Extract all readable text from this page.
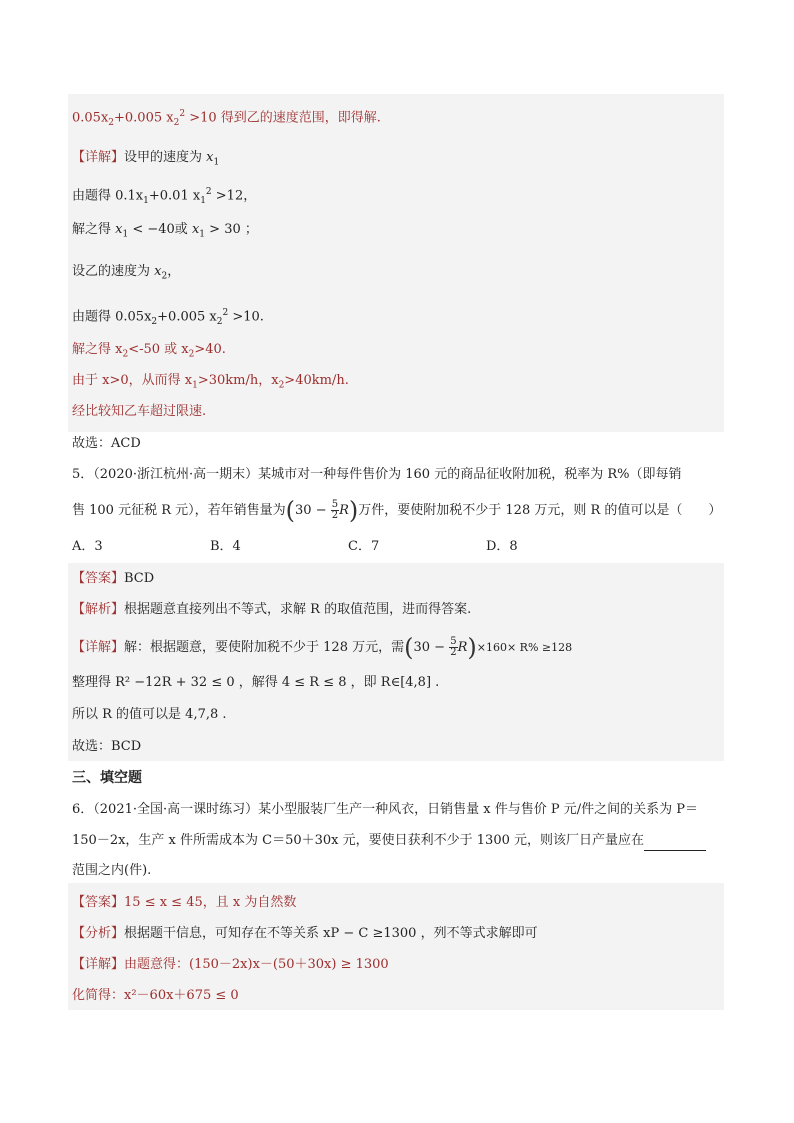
$0.05x_2+0.005$ $x_2^2 >10$ 得到乙的速度范围，即得解.
【详解】设甲的速度为 $x_1$
由题得 $0.1x_1+0.01$ $x_1^2 >12$，
解之得 $x_1 < -40$或 $x_1 > 30$ ；
设乙的速度为 $x_2$，
由题得 $0.05x_2+0.005$ $x_2^2 >10$.
解之得 $x_2<-50$ 或 $x_2>40$.
由于 x>0，从而得 $x_1>30km/h$，$x_2>40km/h$.
经比较知乙车超过限速.
故选：ACD
5．（2020·浙江杭州·高一期末）某城市对一种每件售价为 160 元的商品征收附加税，税率为 R%（即每销
售 100 元征税 R 元），若年销售量为$(30 - \frac{5}{2} R)$万件，要使附加税不少于 128 万元，则 R 的值可以是（　　）
A．3	B．4	C．7	D．8
【答案】BCD
【解析】根据题意直接列出不等式，求解 R 的取值范围，进而得答案.
【详解】解：根据题意，要使附加税不少于 128 万元，需$(30 - \frac{5}{2} R)\times 160\times R\% \ge 128$
整理得 R² −12R + 32 ≤ 0 ，解得 4 ≤ R ≤ 8 ，即 R∈[4,8] .
所以 R 的值可以是 4,7,8 .
故选：BCD
三、填空题
6．（2021·全国·高一课时练习）某小型服装厂生产一种风衣，日销售量 x 件与售价 P 元/件之间的关系为 P＝
150－2x，生产 x 件所需成本为 C＝50＋30x 元，要使日获利不少于 1300 元，则该厂日产量应在
范围之内(件).
【答案】15 ≤ x ≤ 45，且 x 为自然数
【分析】根据题干信息，可知存在不等关系 xP − C ≥1300 ，列不等式求解即可
【详解】由题意得：(150－2x)x－(50＋30x) ≥ 1300
化简得：x²－60x＋675 ≤ 0
